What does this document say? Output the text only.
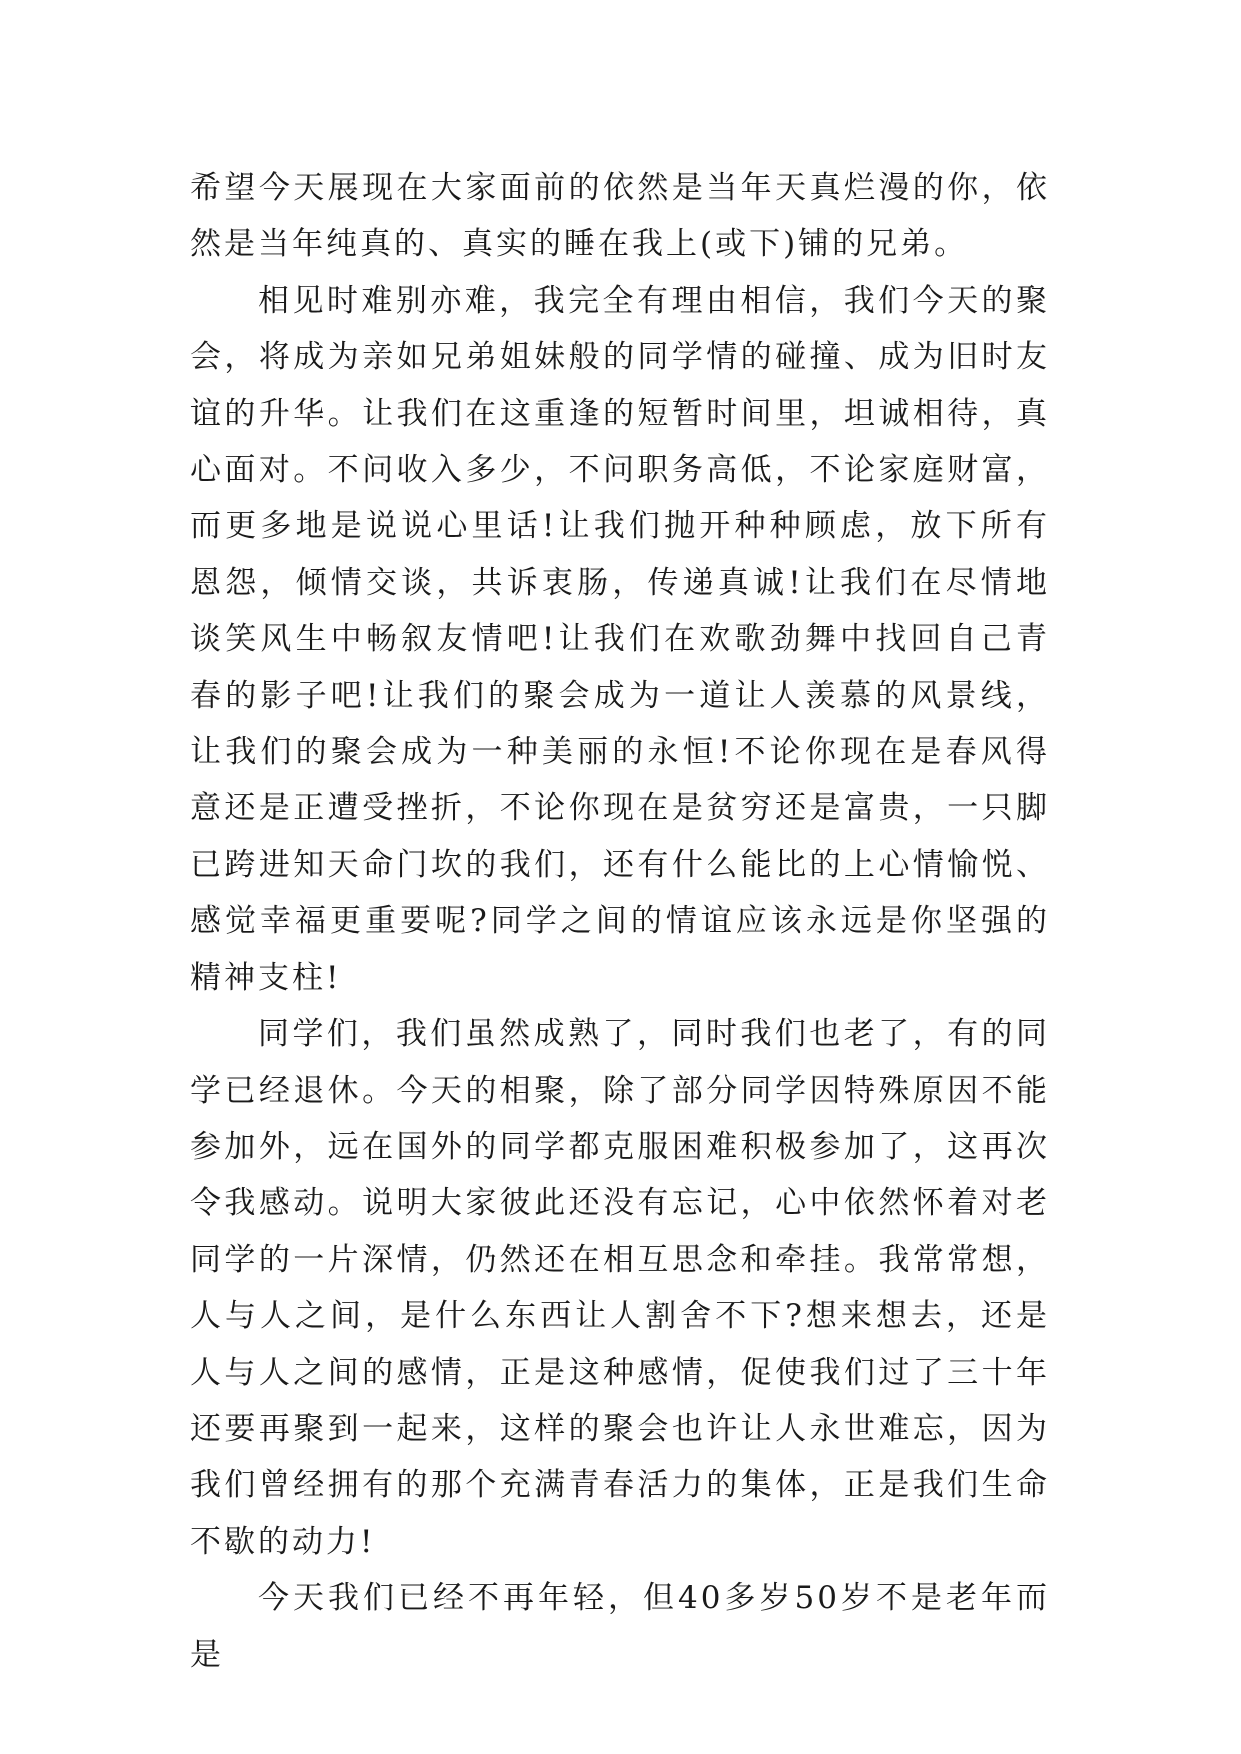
希望今天展现在大家面前的依然是当年天真烂漫的你，依然是当年纯真的、真实的睡在我上(或下)铺的兄弟。

相见时难别亦难，我完全有理由相信，我们今天的聚会，将成为亲如兄弟姐妹般的同学情的碰撞、成为旧时友谊的升华。让我们在这重逢的短暂时间里，坦诚相待，真心面对。不问收入多少，不问职务高低，不论家庭财富，而更多地是说说心里话!让我们抛开种种顾虑，放下所有恩怨，倾情交谈，共诉衷肠，传递真诚!让我们在尽情地谈笑风生中畅叙友情吧!让我们在欢歌劲舞中找回自己青春的影子吧!让我们的聚会成为一道让人羡慕的风景线，让我们的聚会成为一种美丽的永恒!不论你现在是春风得意还是正遭受挫折，不论你现在是贫穷还是富贵，一只脚已跨进知天命门坎的我们，还有什么能比的上心情愉悦、感觉幸福更重要呢?同学之间的情谊应该永远是你坚强的精神支柱!

同学们，我们虽然成熟了，同时我们也老了，有的同学已经退休。今天的相聚，除了部分同学因特殊原因不能参加外，远在国外的同学都克服困难积极参加了，这再次令我感动。说明大家彼此还没有忘记，心中依然怀着对老同学的一片深情，仍然还在相互思念和牵挂。我常常想，人与人之间，是什么东西让人割舍不下?想来想去，还是人与人之间的感情，正是这种感情，促使我们过了三十年还要再聚到一起来，这样的聚会也许让人永世难忘，因为我们曾经拥有的那个充满青春活力的集体，正是我们生命不歇的动力!

今天我们已经不再年轻，但40多岁50岁不是老年而是
